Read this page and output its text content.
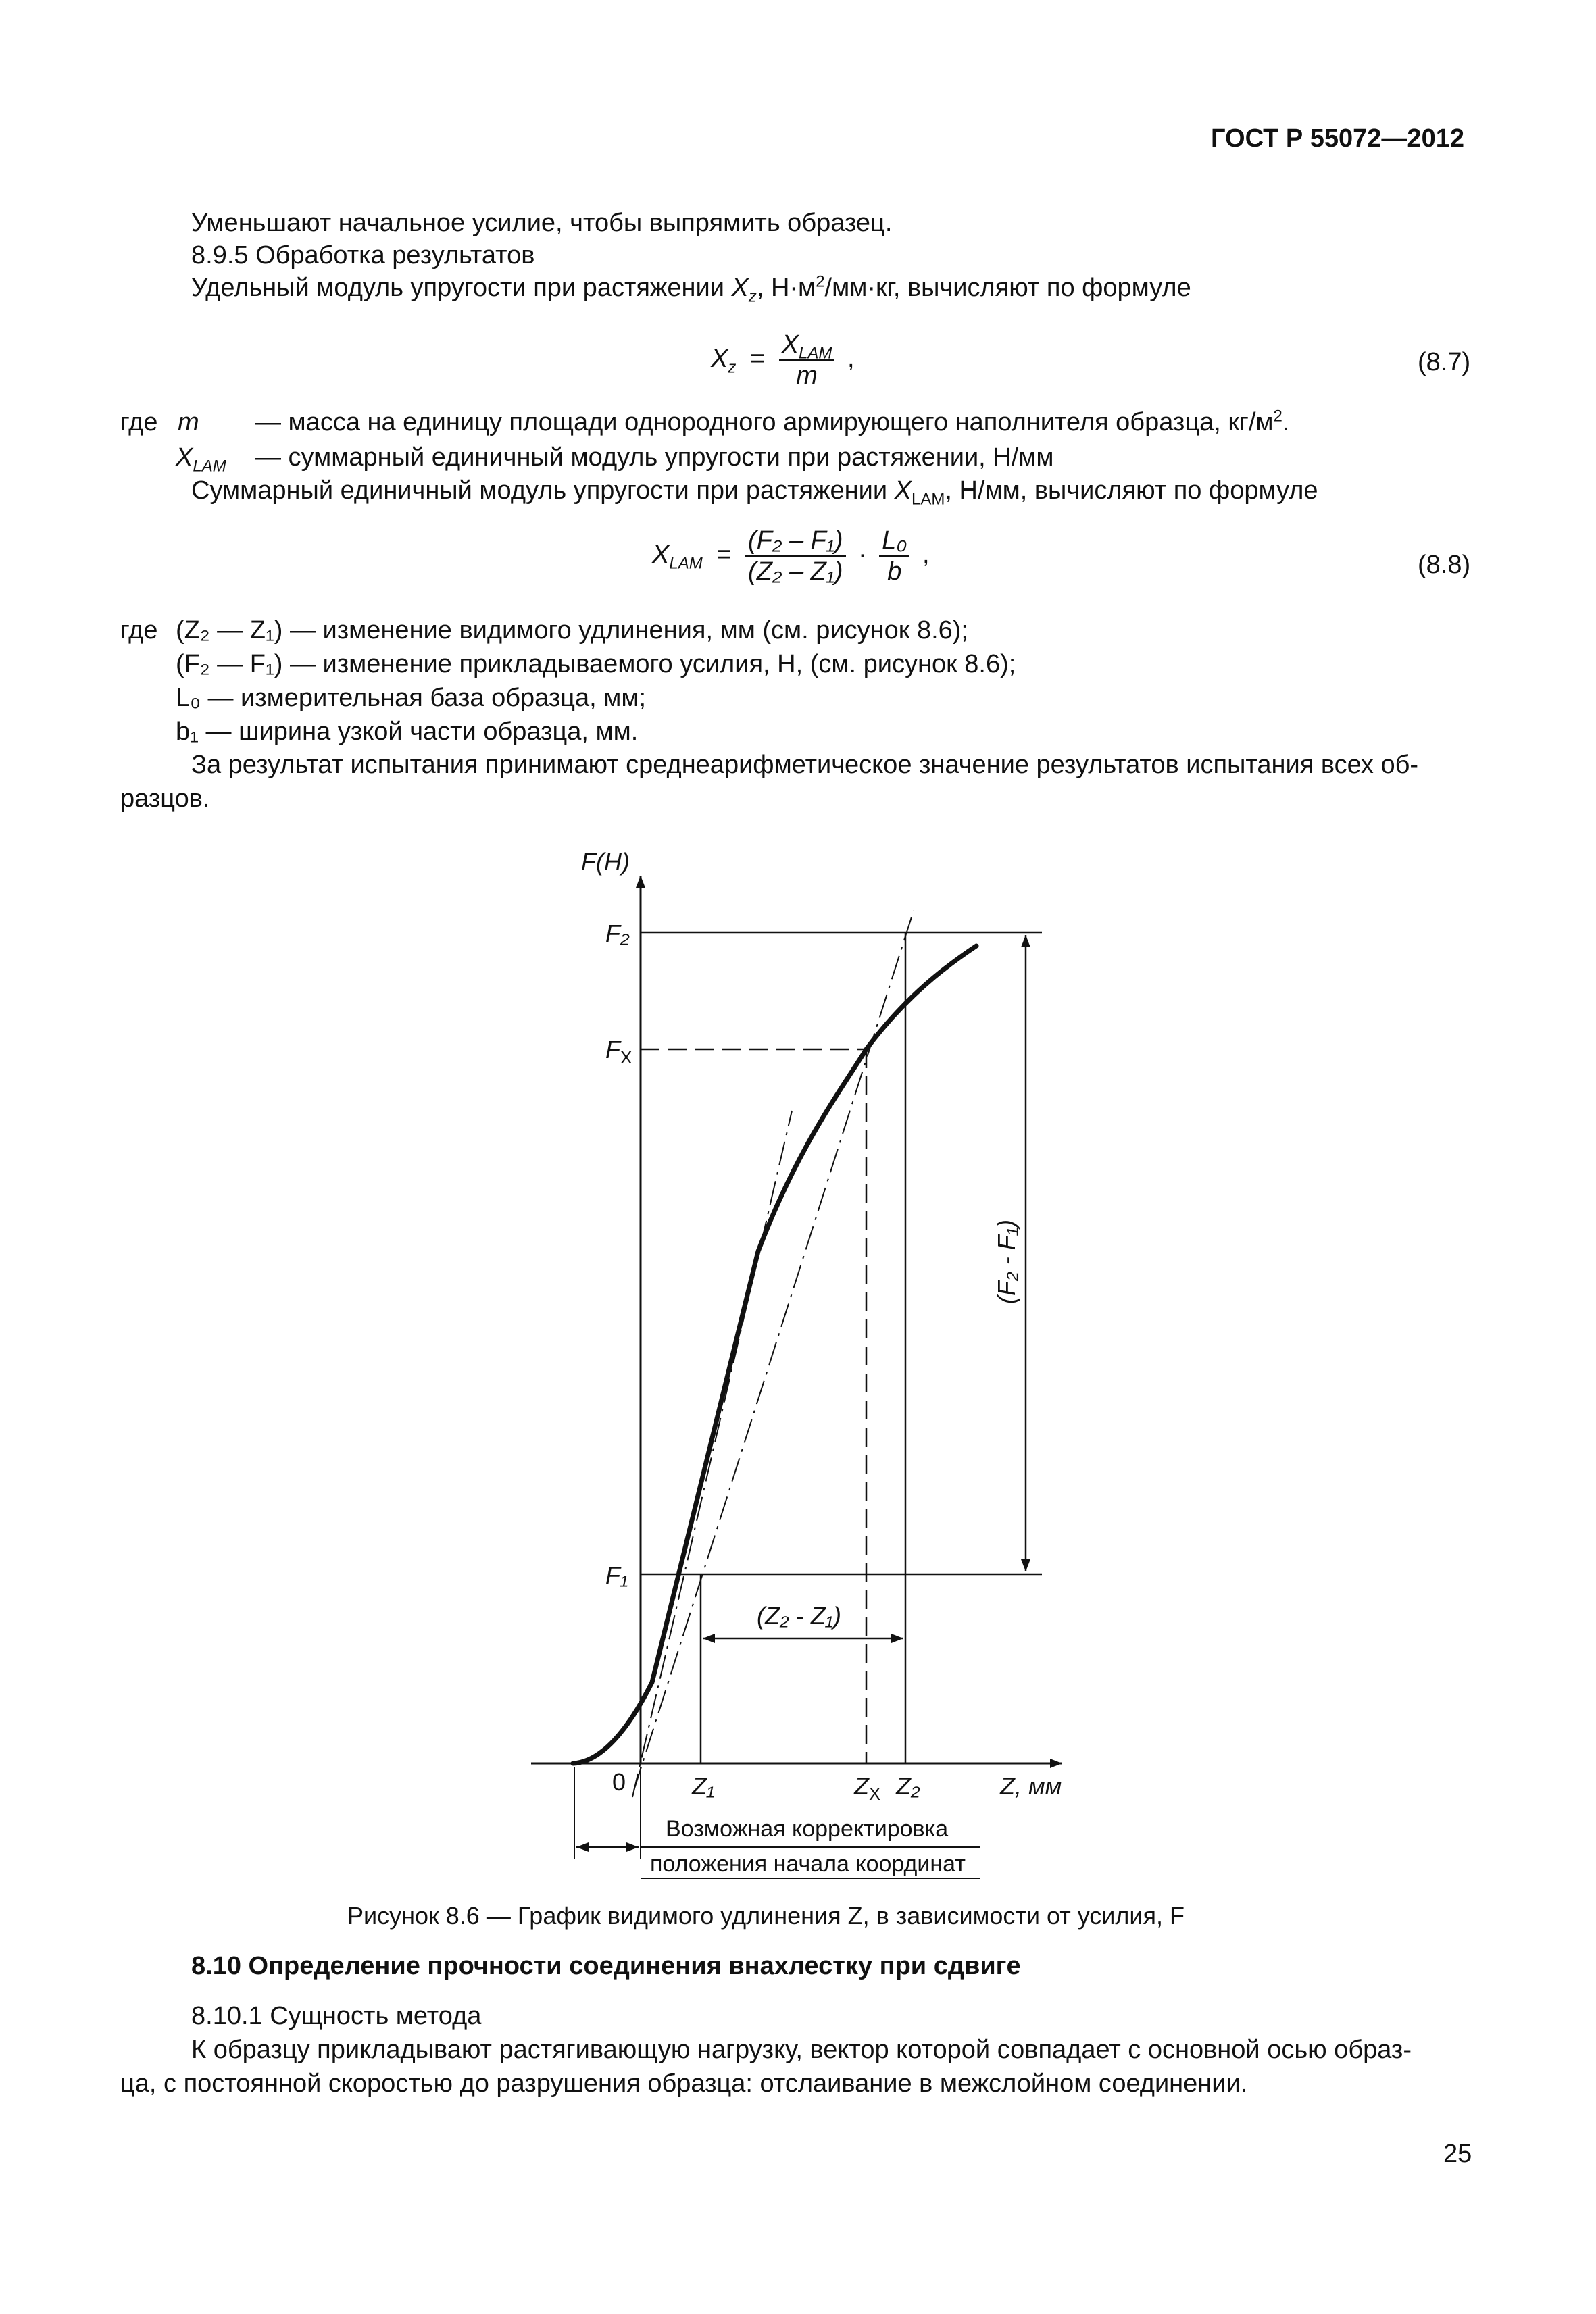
ГОСТ Р 55072—2012
Уменьшают начальное усилие, чтобы выпрямить образец.
8.9.5 Обработка результатов
Удельный модуль упругости при растяжении $X_z$, $Н\cdot м^2/мм\cdot кг$, вычисляют по формуле
$X_z = \frac{X_{LAM}}{m}$ ,	(8.7)
где m — масса на единицу площади однородного армирующего наполнителя образца, $кг/м^2$.
$X_{LAM}$ — суммарный единичный модуль упругости при растяжении, Н/мм
Суммарный единичный модуль упругости при растяжении $X_{LAM}$, Н/мм, вычисляют по формуле
$X_{LAM} = \frac{\text{(F₂ – F₁)}}{\text{(Z₂ – Z₁)}} \cdot \frac{\text{L₀}}{b}$ ,	(8.8)
где (Z₂ — Z₁) — изменение видимого удлинения, мм (см. рисунок 8.6);
(F₂ — F₁) — изменение прикладываемого усилия, Н, (см. рисунок 8.6);
L₀ — измерительная база образца, мм;
b₁ — ширина узкой части образца, мм.
За результат испытания принимают среднеарифметическое значение результатов испытания всех об-
разцов.
F(H)
F₂
$F_X$
F₁
0	Z₁	$Z_X$ Z₂	Z, мм
(Z₂ - Z₁)
(F₂ - F₁)
Возможная корректировка
положения начала координат
Рисунок 8.6 — График видимого удлинения Z, в зависимости от усилия, F
8.10 Определение прочности соединения внахлестку при сдвиге
8.10.1 Сущность метода
К образцу прикладывают растягивающую нагрузку, вектор которой совпадает с основной осью образ-
ца, с постоянной скоростью до разрушения образца: отслаивание в межслойном соединении.
25
